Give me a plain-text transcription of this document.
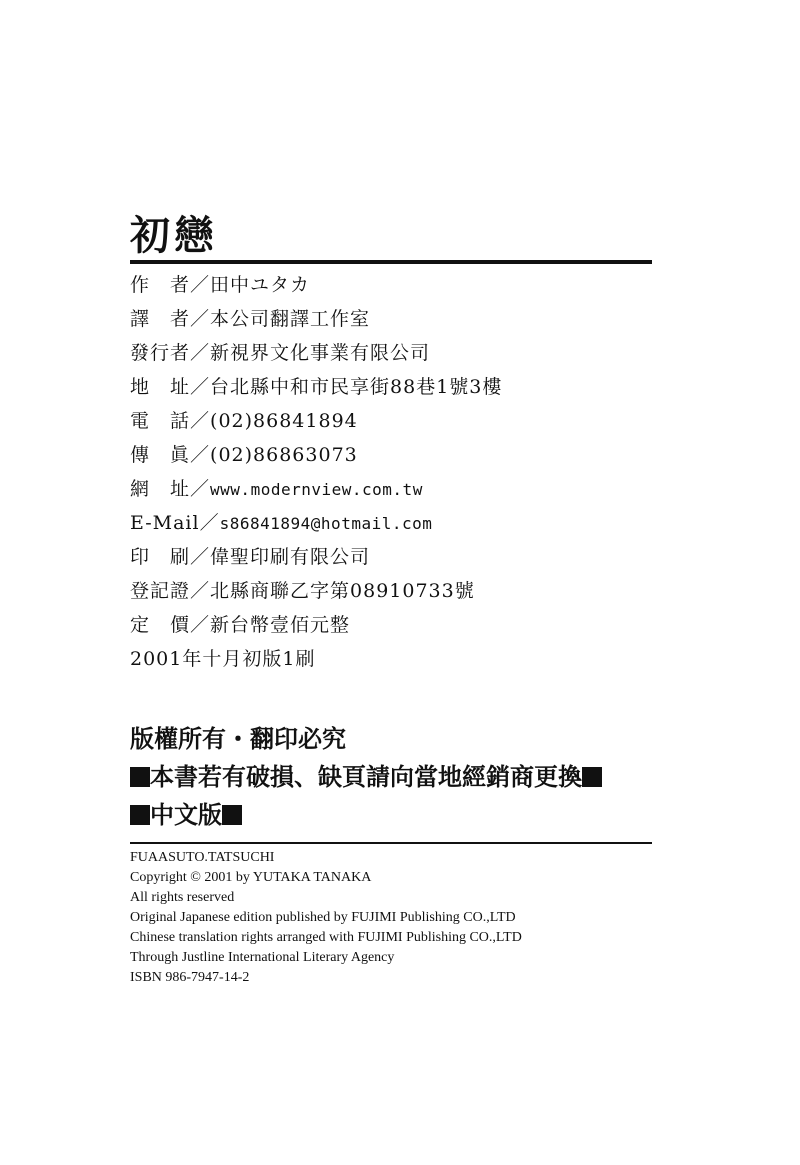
初戀
作　者／田中ユタカ
譯　者／本公司翻譯工作室
發行者／新視界文化事業有限公司
地　址／台北縣中和市民享街88巷1號3樓
電　話／(02)86841894
傳　眞／(02)86863073
網　址／www.modernview.com.tw
E-Mail／s86841894@hotmail.com
印　刷／偉聖印刷有限公司
登記證／北縣商聯乙字第08910733號
定　價／新台幣壹佰元整
2001年十月初版1刷
版權所有・翻印必究
本書若有破損、缺頁請向當地經銷商更換
中文版
FUAASUTO.TATSUCHI
Copyright © 2001 by YUTAKA TANAKA
All rights reserved
Original Japanese edition published by FUJIMI Publishing CO.,LTD
Chinese translation rights arranged with FUJIMI Publishing CO.,LTD
Through Justline International Literary Agency
ISBN 986-7947-14-2
